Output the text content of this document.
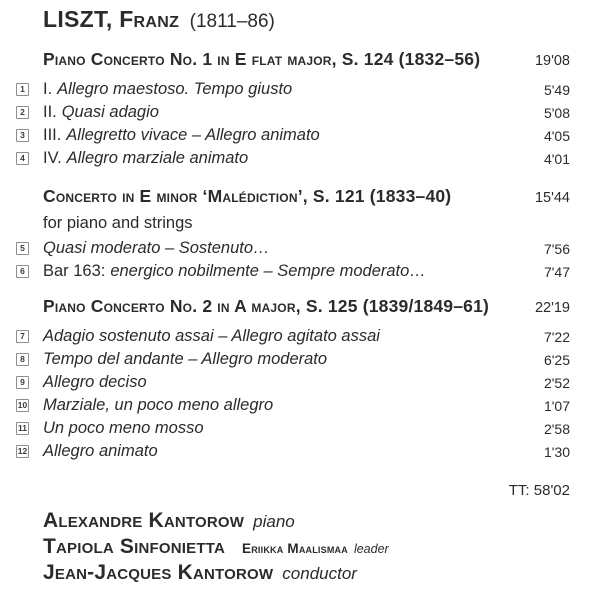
LISZT, Franz (1811–86)
Piano Concerto No. 1 in E flat major, S. 124 (1832–56)	19'08
1 I. Allegro maestoso. Tempo giusto	5'49
2 II. Quasi adagio	5'08
3 III. Allegretto vivace – Allegro animato	4'05
4 IV. Allegro marziale animato	4'01
Concerto in E minor ‘Malédiction’, S. 121 (1833–40)	15'44
for piano and strings
5 Quasi moderato – Sostenuto…	7'56
6 Bar 163: energico nobilmente – Sempre moderato…	7'47
Piano Concerto No. 2 in A major, S. 125 (1839/1849–61)	22'19
7 Adagio sostenuto assai – Allegro agitato assai	7'22
8 Tempo del andante – Allegro moderato	6'25
9 Allegro deciso	2'52
10 Marziale, un poco meno allegro	1'07
11 Un poco meno mosso	2'58
12 Allegro animato	1'30
TT: 58'02
Alexandre Kantorow piano
Tapiola Sinfonietta Eriikka Maalismaa leader
Jean-Jacques Kantorow conductor
